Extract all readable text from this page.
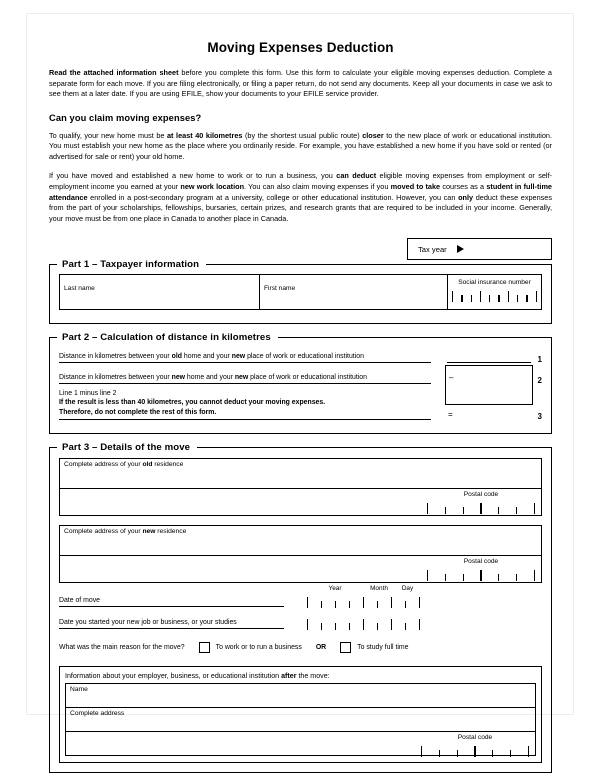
Moving Expenses Deduction

Read the attached information sheet before you complete this form. Use this form to calculate your eligible moving expenses deduction. Complete a separate form for each move. If you are filing electronically, or filing a paper return, do not send any documents. Keep all your documents in case we ask to see them at a later date. If you are using EFILE, show your documents to your EFILE service provider.

Can you claim moving expenses?

To qualify, your new home must be at least 40 kilometres (by the shortest usual public route) closer to the new place of work or educational institution. You must establish your new home as the place where you ordinarily reside. For example, you have established a new home if you have sold or rented (or advertised for sale or rent) your old home.

If you have moved and established a new home to work or to run a business, you can deduct eligible moving expenses from employment or self-employment income you earned at your new work location. You can also claim moving expenses if you moved to take courses as a student in full-time attendance enrolled in a post-secondary program at a university, college or other educational institution. However, you can only deduct these expenses from the part of your scholarships, fellowships, bursaries, certain prizes, and research grants that are required to be included in your income. Generally, your move must be from one place in Canada to another place in Canada.

Tax year
Part 1 – Taxpayer information
Last name	First name
Social insurance number
Part 2 – Calculation of distance in kilometres
Distance in kilometres between your old home and your new place of work or educational institution	1
Distance in kilometres between your new home and your new place of work or educational institution	–	2
Line 1 minus line 2
If the result is less than 40 kilometres, you cannot deduct your moving expenses.
Therefore, do not complete the rest of this form.	=	3
Part 3 – Details of the move
Complete address of your old residence
Postal code
Complete address of your new residence
Postal code
Date of move
Year	Month	Day
Date you started your new job or business, or your studies
What was the main reason for the move?	To work or to run a business OR	To study full time
Information about your employer, business, or educational institution after the move:
Name
Complete address
Postal code
